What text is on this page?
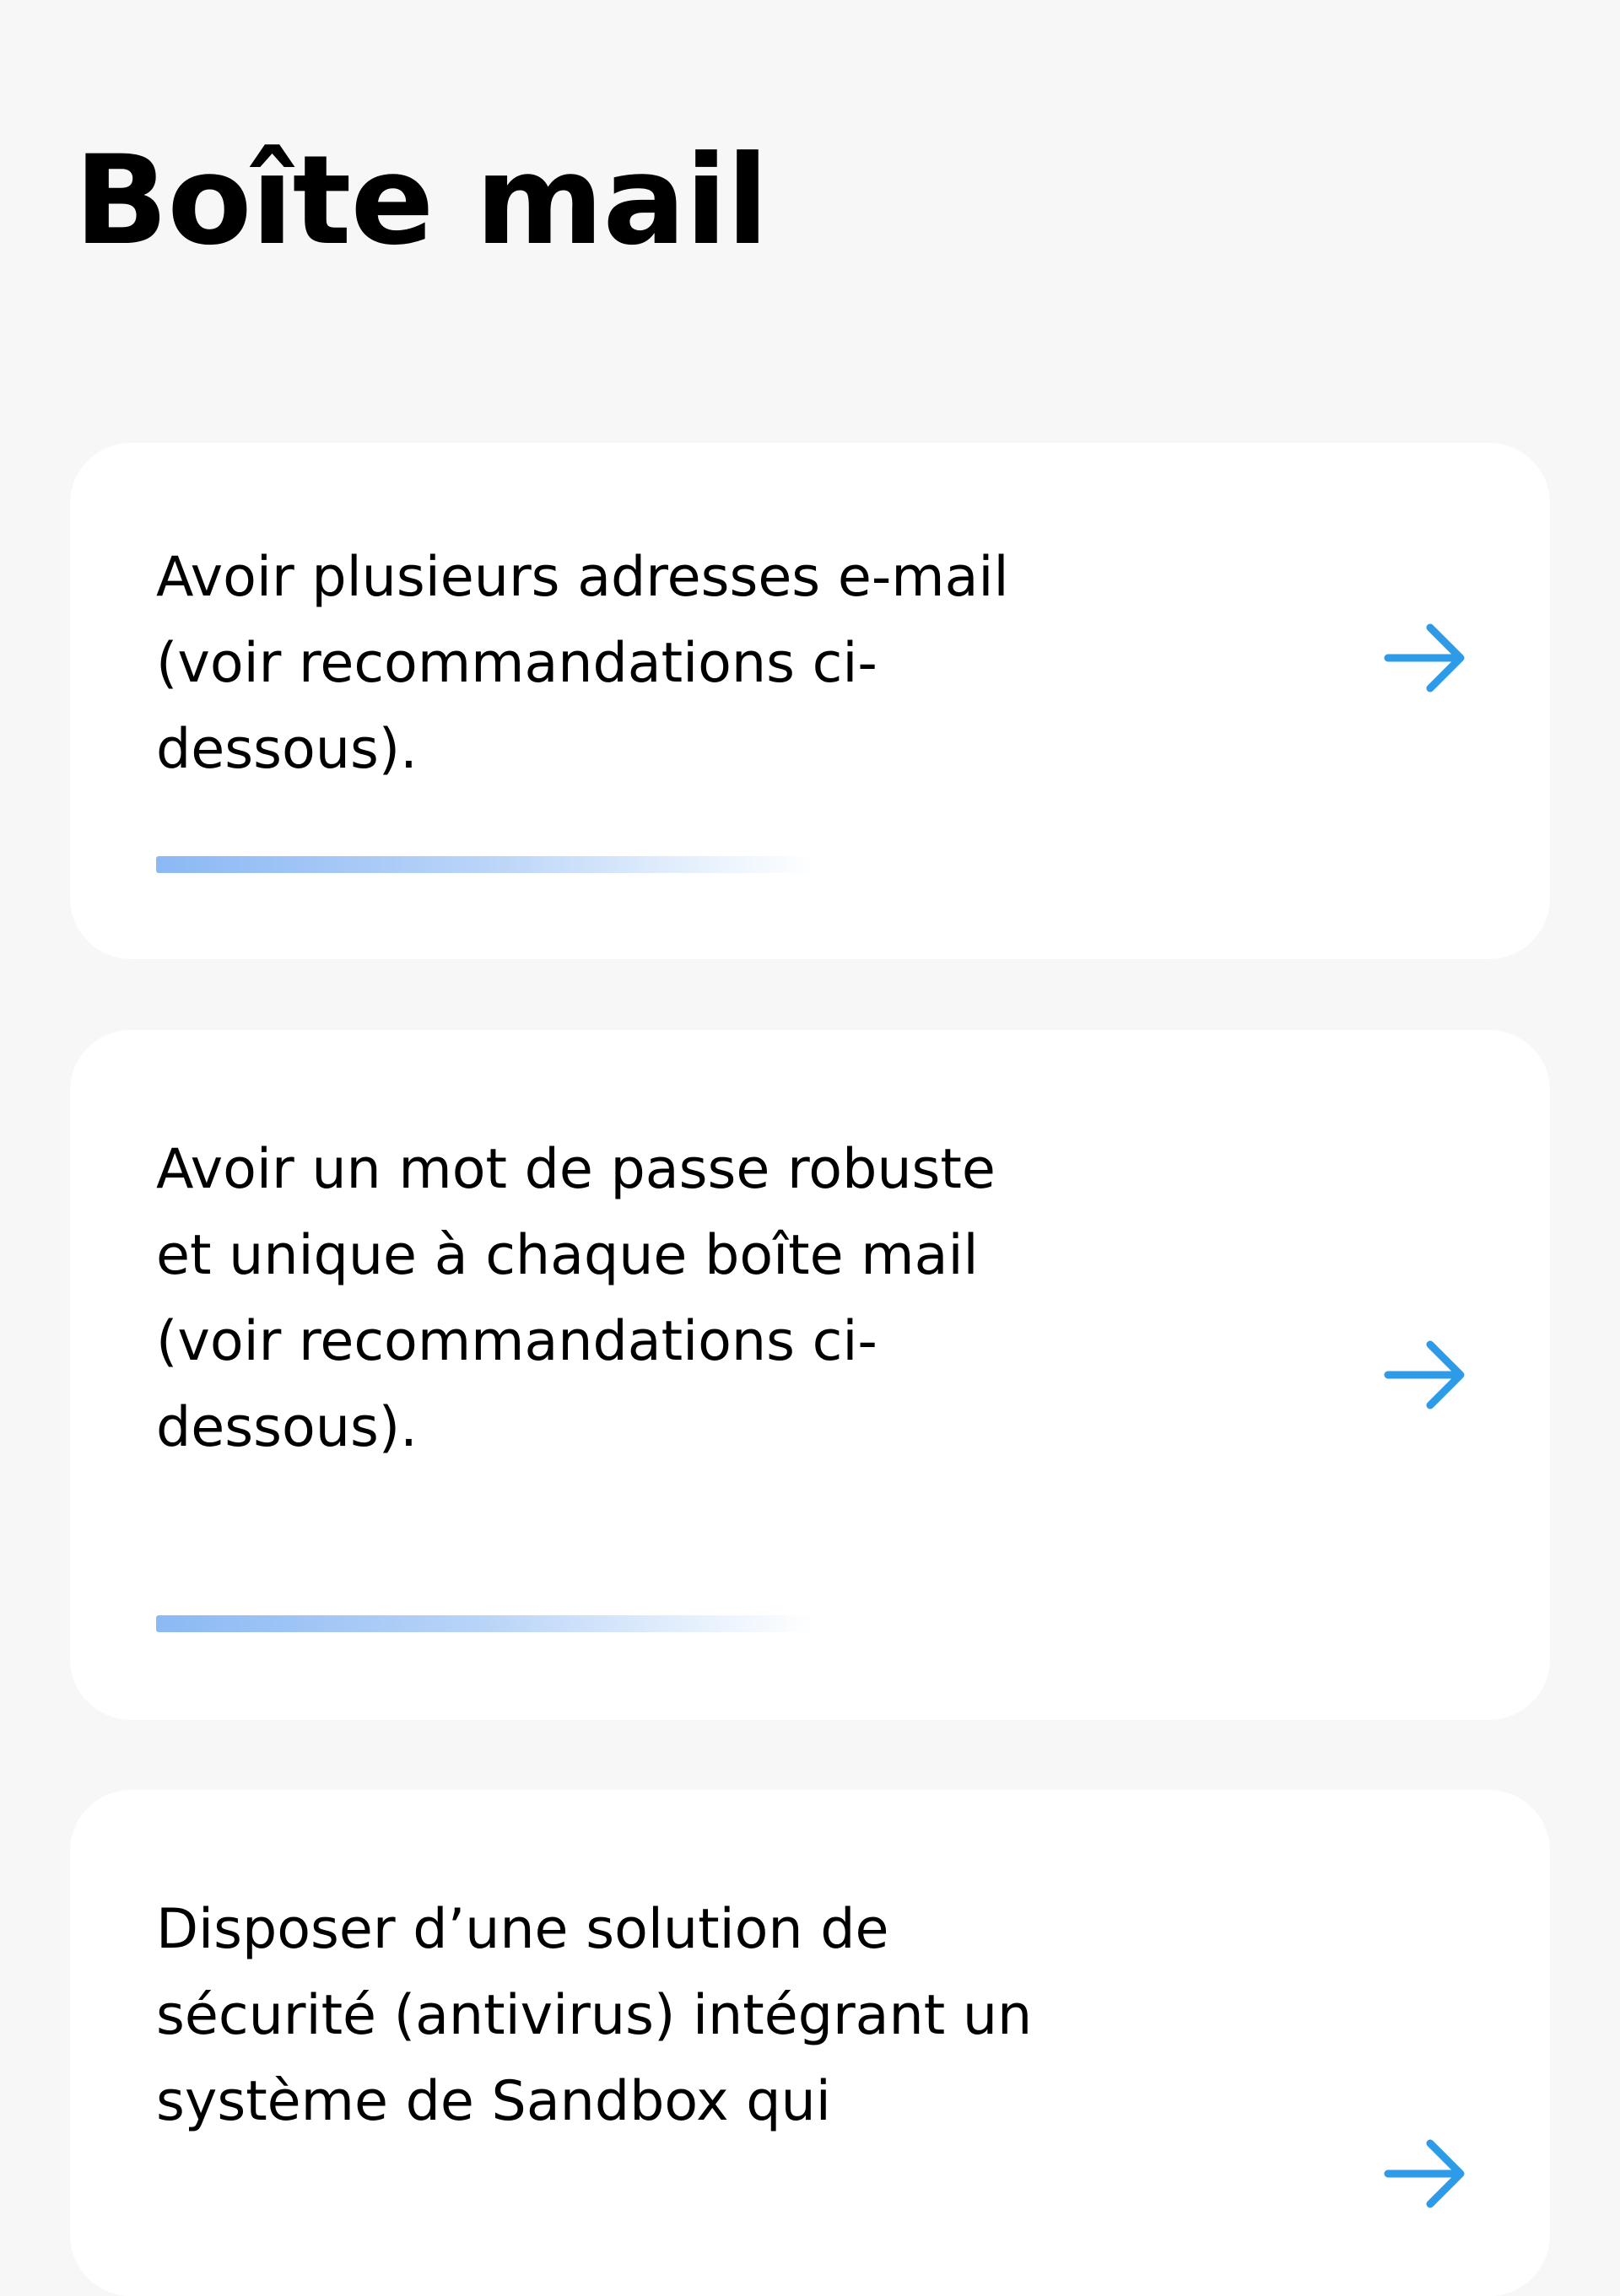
Boîte mail

Avoir plusieurs adresses e-mail (voir recommandations ci-dessous).

Avoir un mot de passe robuste et unique à chaque boîte mail (voir recommandations ci-dessous).

Disposer d’une solution de sécurité (antivirus) intégrant un système de Sandbox qui
